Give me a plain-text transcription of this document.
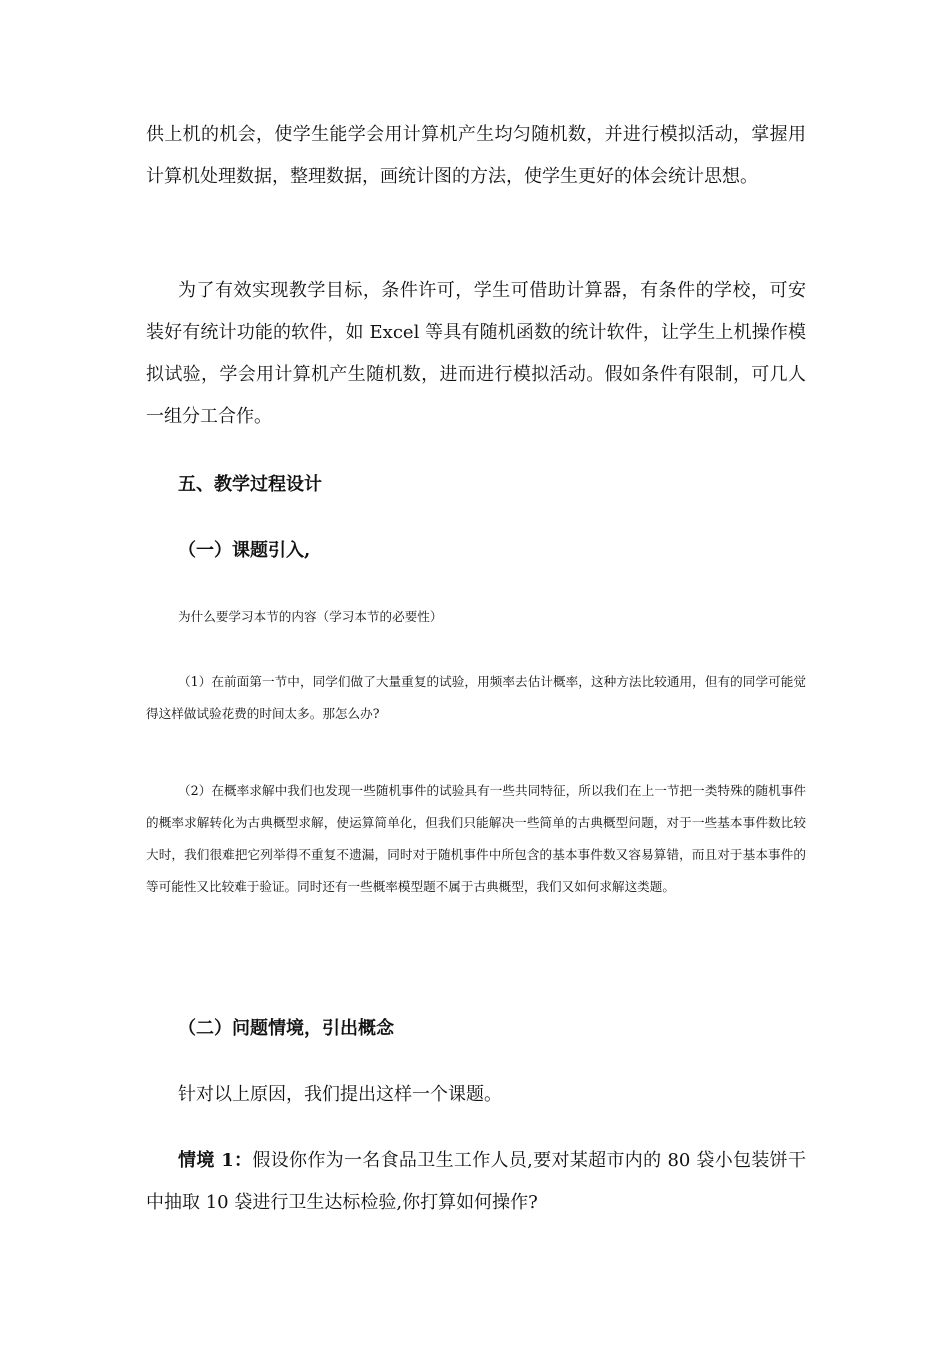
供上机的机会，使学生能学会用计算机产生均匀随机数，并进行模拟活动，掌握用计算机处理数据，整理数据，画统计图的方法，使学生更好的体会统计思想。

为了有效实现教学目标，条件许可，学生可借助计算器，有条件的学校，可安装好有统计功能的软件，如 Excel 等具有随机函数的统计软件，让学生上机操作模拟试验，学会用计算机产生随机数，进而进行模拟活动。假如条件有限制，可几人一组分工合作。

五、教学过程设计
（一）课题引入,

为什么要学习本节的内容（学习本节的必要性）

（1）在前面第一节中，同学们做了大量重复的试验，用频率去估计概率，这种方法比较通用，但有的同学可能觉得这样做试验花费的时间太多。那怎么办?

（2）在概率求解中我们也发现一些随机事件的试验具有一些共同特征，所以我们在上一节把一类特殊的随机事件的概率求解转化为古典概型求解，使运算简单化，但我们只能解决一些简单的古典概型问题，对于一些基本事件数比较大时，我们很难把它列举得不重复不遗漏，同时对于随机事件中所包含的基本事件数又容易算错，而且对于基本事件的等可能性又比较难于验证。同时还有一些概率模型题不属于古典概型，我们又如何求解这类题。

（二）问题情境，引出概念

针对以上原因，我们提出这样一个课题。

情境 1：假设你作为一名食品卫生工作人员,要对某超市内的 80 袋小包装饼干中抽取 10 袋进行卫生达标检验,你打算如何操作?
